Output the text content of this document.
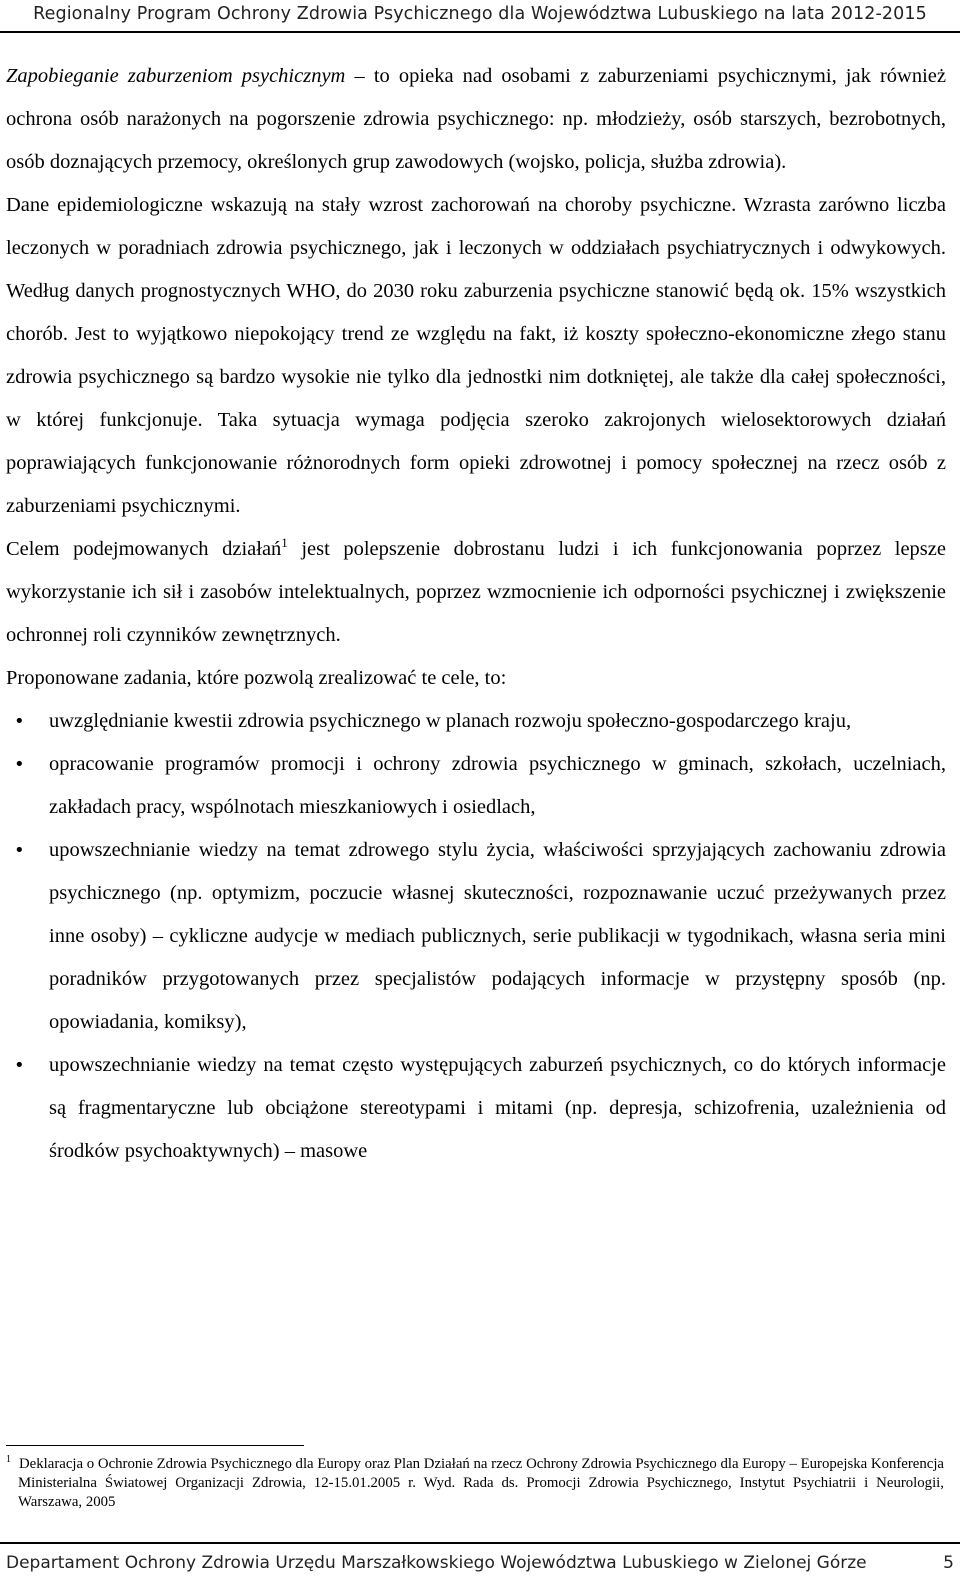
Regionalny Program Ochrony Zdrowia Psychicznego dla Województwa Lubuskiego na lata 2012-2015

Zapobieganie zaburzeniom psychicznym – to opieka nad osobami z zaburzeniami psychicznymi, jak również ochrona osób narażonych na pogorszenie zdrowia psychicznego: np. młodzieży, osób starszych, bezrobotnych, osób doznających przemocy, określonych grup zawodowych (wojsko, policja, służba zdrowia).

Dane epidemiologiczne wskazują na stały wzrost zachorowań na choroby psychiczne. Wzrasta zarówno liczba leczonych w poradniach zdrowia psychicznego, jak i leczonych w oddziałach psychiatrycznych i odwykowych. Według danych prognostycznych WHO, do 2030 roku zaburzenia psychiczne stanowić będą ok. 15% wszystkich chorób. Jest to wyjątkowo niepokojący trend ze względu na fakt, iż koszty społeczno-ekonomiczne złego stanu zdrowia psychicznego są bardzo wysokie nie tylko dla jednostki nim dotkniętej, ale także dla całej społeczności, w której funkcjonuje. Taka sytuacja wymaga podjęcia szeroko zakrojonych wielosektorowych działań poprawiających funkcjonowanie różnorodnych form opieki zdrowotnej i pomocy społecznej na rzecz osób z zaburzeniami psychicznymi.

Celem podejmowanych działań$^1$ jest polepszenie dobrostanu ludzi i ich funkcjonowania poprzez lepsze wykorzystanie ich sił i zasobów intelektualnych, poprzez wzmocnienie ich odporności psychicznej i zwiększenie ochronnej roli czynników zewnętrznych.

Proponowane zadania, które pozwolą zrealizować te cele, to:

• uwzględnianie kwestii zdrowia psychicznego w planach rozwoju społeczno-gospodarczego kraju,
• opracowanie programów promocji i ochrony zdrowia psychicznego w gminach, szkołach, uczelniach, zakładach pracy, wspólnotach mieszkaniowych i osiedlach,
• upowszechnianie wiedzy na temat zdrowego stylu życia, właściwości sprzyjających zachowaniu zdrowia psychicznego (np. optymizm, poczucie własnej skuteczności, rozpoznawanie uczuć przeżywanych przez inne osoby) – cykliczne audycje w mediach publicznych, serie publikacji w tygodnikach, własna seria mini poradników przygotowanych przez specjalistów podających informacje w przystępny sposób (np. opowiadania, komiksy),
• upowszechnianie wiedzy na temat często występujących zaburzeń psychicznych, co do których informacje są fragmentaryczne lub obciążone stereotypami i mitami (np. depresja, schizofrenia, uzależnienia od środków psychoaktywnych) – masowe
$^1$ Deklaracja o Ochronie Zdrowia Psychicznego dla Europy oraz Plan Działań na rzecz Ochrony Zdrowia Psychicznego dla Europy – Europejska Konferencja Ministerialna Światowej Organizacji Zdrowia, 12-15.01.2005 r. Wyd. Rada ds. Promocji Zdrowia Psychicznego, Instytut Psychiatrii i Neurologii, Warszawa, 2005
Departament Ochrony Zdrowia Urzędu Marszałkowskiego Województwa Lubuskiego w Zielonej Górze	5
